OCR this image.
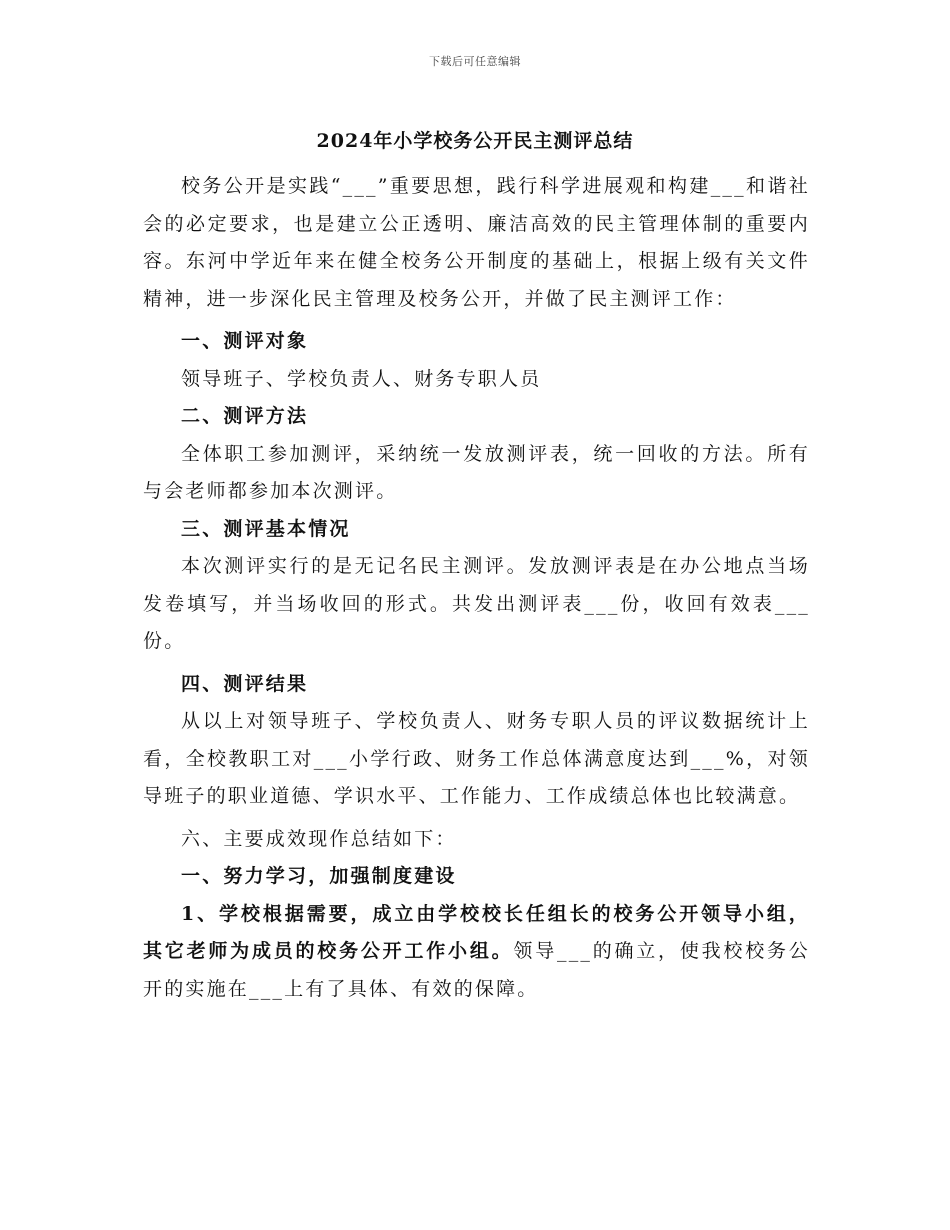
下载后可任意编辑
2024年小学校务公开民主测评总结

校务公开是实践“___”重要思想，践行科学进展观和构建___和谐社会的必定要求，也是建立公正透明、廉洁高效的民主管理体制的重要内容。东河中学近年来在健全校务公开制度的基础上，根据上级有关文件精神，进一步深化民主管理及校务公开，并做了民主测评工作：

一、测评对象

领导班子、学校负责人、财务专职人员

二、测评方法

全体职工参加测评，采纳统一发放测评表，统一回收的方法。所有与会老师都参加本次测评。

三、测评基本情况

本次测评实行的是无记名民主测评。发放测评表是在办公地点当场发卷填写，并当场收回的形式。共发出测评表___份，收回有效表___份。

四、测评结果

从以上对领导班子、学校负责人、财务专职人员的评议数据统计上看，全校教职工对___小学行政、财务工作总体满意度达到___%，对领导班子的职业道德、学识水平、工作能力、工作成绩总体也比较满意。

六、主要成效现作总结如下：

一、努力学习，加强制度建设

1、学校根据需要，成立由学校校长任组长的校务公开领导小组，其它老师为成员的校务公开工作小组。领导___的确立，使我校校务公开的实施在___上有了具体、有效的保障。
